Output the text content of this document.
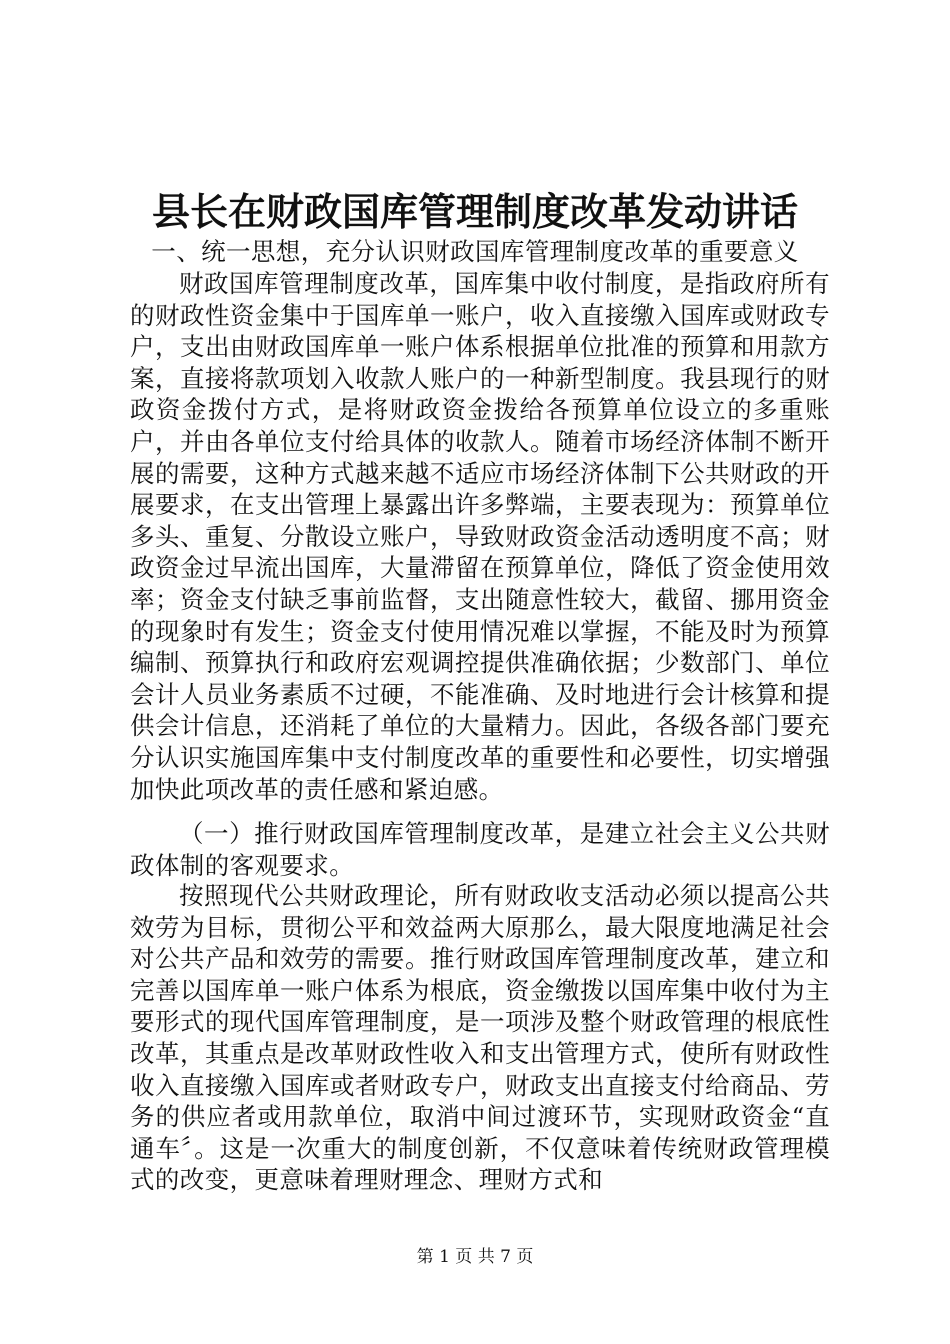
县长在财政国库管理制度改革发动讲话
一、统一思想，充分认识财政国库管理制度改革的重要意义

财政国库管理制度改革，国库集中收付制度，是指政府所有的财政性资金集中于国库单一账户，收入直接缴入国库或财政专户，支出由财政国库单一账户体系根据单位批准的预算和用款方案，直接将款项划入收款人账户的一种新型制度。我县现行的财政资金拨付方式，是将财政资金拨给各预算单位设立的多重账户，并由各单位支付给具体的收款人。随着市场经济体制不断开展的需要，这种方式越来越不适应市场经济体制下公共财政的开展要求，在支出管理上暴露出许多弊端，主要表现为：预算单位多头、重复、分散设立账户，导致财政资金活动透明度不高；财政资金过早流出国库，大量滞留在预算单位，降低了资金使用效率；资金支付缺乏事前监督，支出随意性较大，截留、挪用资金的现象时有发生；资金支付使用情况难以掌握，不能及时为预算编制、预算执行和政府宏观调控提供准确依据；少数部门、单位会计人员业务素质不过硬，不能准确、及时地进行会计核算和提供会计信息，还消耗了单位的大量精力。因此，各级各部门要充分认识实施国库集中支付制度改革的重要性和必要性，切实增强加快此项改革的责任感和紧迫感。

（一）推行财政国库管理制度改革，是建立社会主义公共财政体制的客观要求。

按照现代公共财政理论，所有财政收支活动必须以提高公共效劳为目标，贯彻公平和效益两大原那么，最大限度地满足社会对公共产品和效劳的需要。推行财政国库管理制度改革，建立和完善以国库单一账户体系为根底，资金缴拨以国库集中收付为主要形式的现代国库管理制度，是一项涉及整个财政管理的根底性改革，其重点是改革财政性收入和支出管理方式，使所有财政性收入直接缴入国库或者财政专户，财政支出直接支付给商品、劳务的供应者或用款单位，取消中间过渡环节，实现财政资金“直通车〞。这是一次重大的制度创新，不仅意味着传统财政管理模式的改变，更意味着理财理念、理财方式和

第 1 页 共 7 页
